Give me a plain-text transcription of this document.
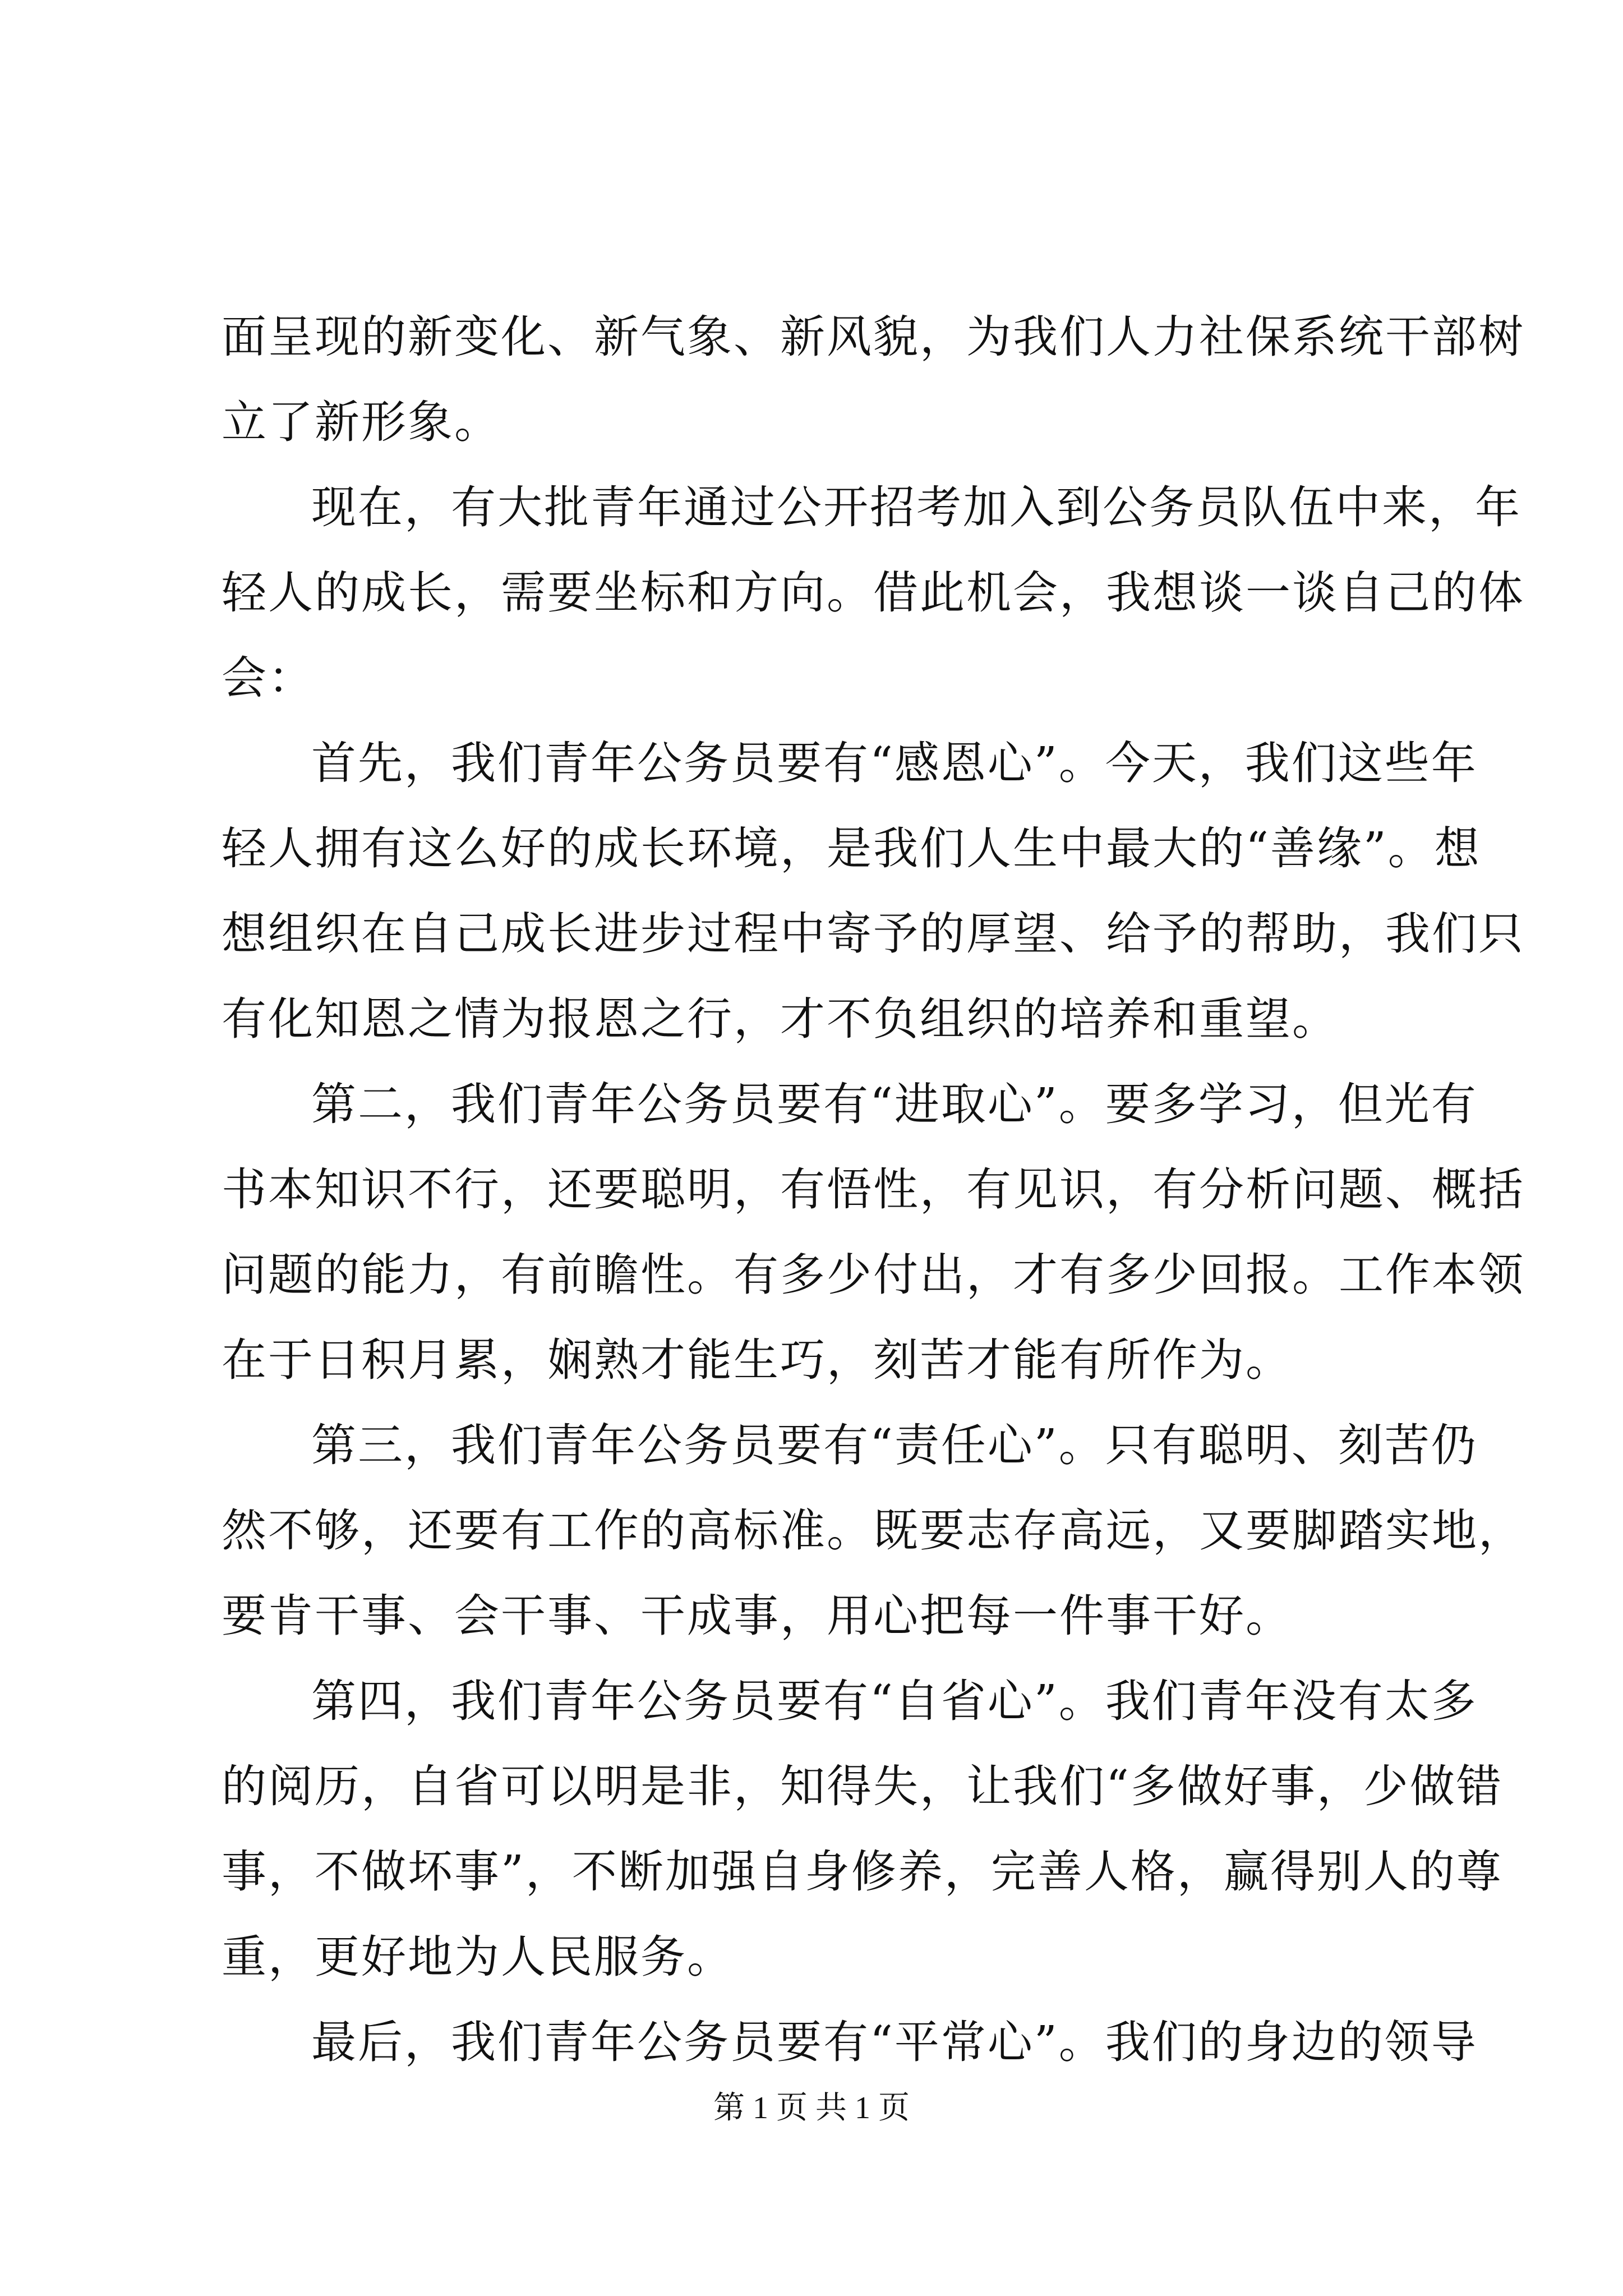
面呈现的新变化、新气象、新风貌，为我们人力社保系统干部树
立了新形象。
现在，有大批青年通过公开招考加入到公务员队伍中来，年
轻人的成长，需要坐标和方向。借此机会，我想谈一谈自己的体
会：
首先，我们青年公务员要有“感恩心”。今天，我们这些年
轻人拥有这么好的成长环境，是我们人生中最大的“善缘”。想
想组织在自己成长进步过程中寄予的厚望、给予的帮助，我们只
有化知恩之情为报恩之行，才不负组织的培养和重望。
第二，我们青年公务员要有“进取心”。要多学习，但光有
书本知识不行，还要聪明，有悟性，有见识，有分析问题、概括
问题的能力，有前瞻性。有多少付出，才有多少回报。工作本领
在于日积月累，娴熟才能生巧，刻苦才能有所作为。
第三，我们青年公务员要有“责任心”。只有聪明、刻苦仍
然不够，还要有工作的高标准。既要志存高远，又要脚踏实地，
要肯干事、会干事、干成事，用心把每一件事干好。
第四，我们青年公务员要有“自省心”。我们青年没有太多
的阅历，自省可以明是非，知得失，让我们“多做好事，少做错
事，不做坏事”，不断加强自身修养，完善人格，赢得别人的尊
重，更好地为人民服务。
最后，我们青年公务员要有“平常心”。我们的身边的领导
第 1 页 共 1 页
